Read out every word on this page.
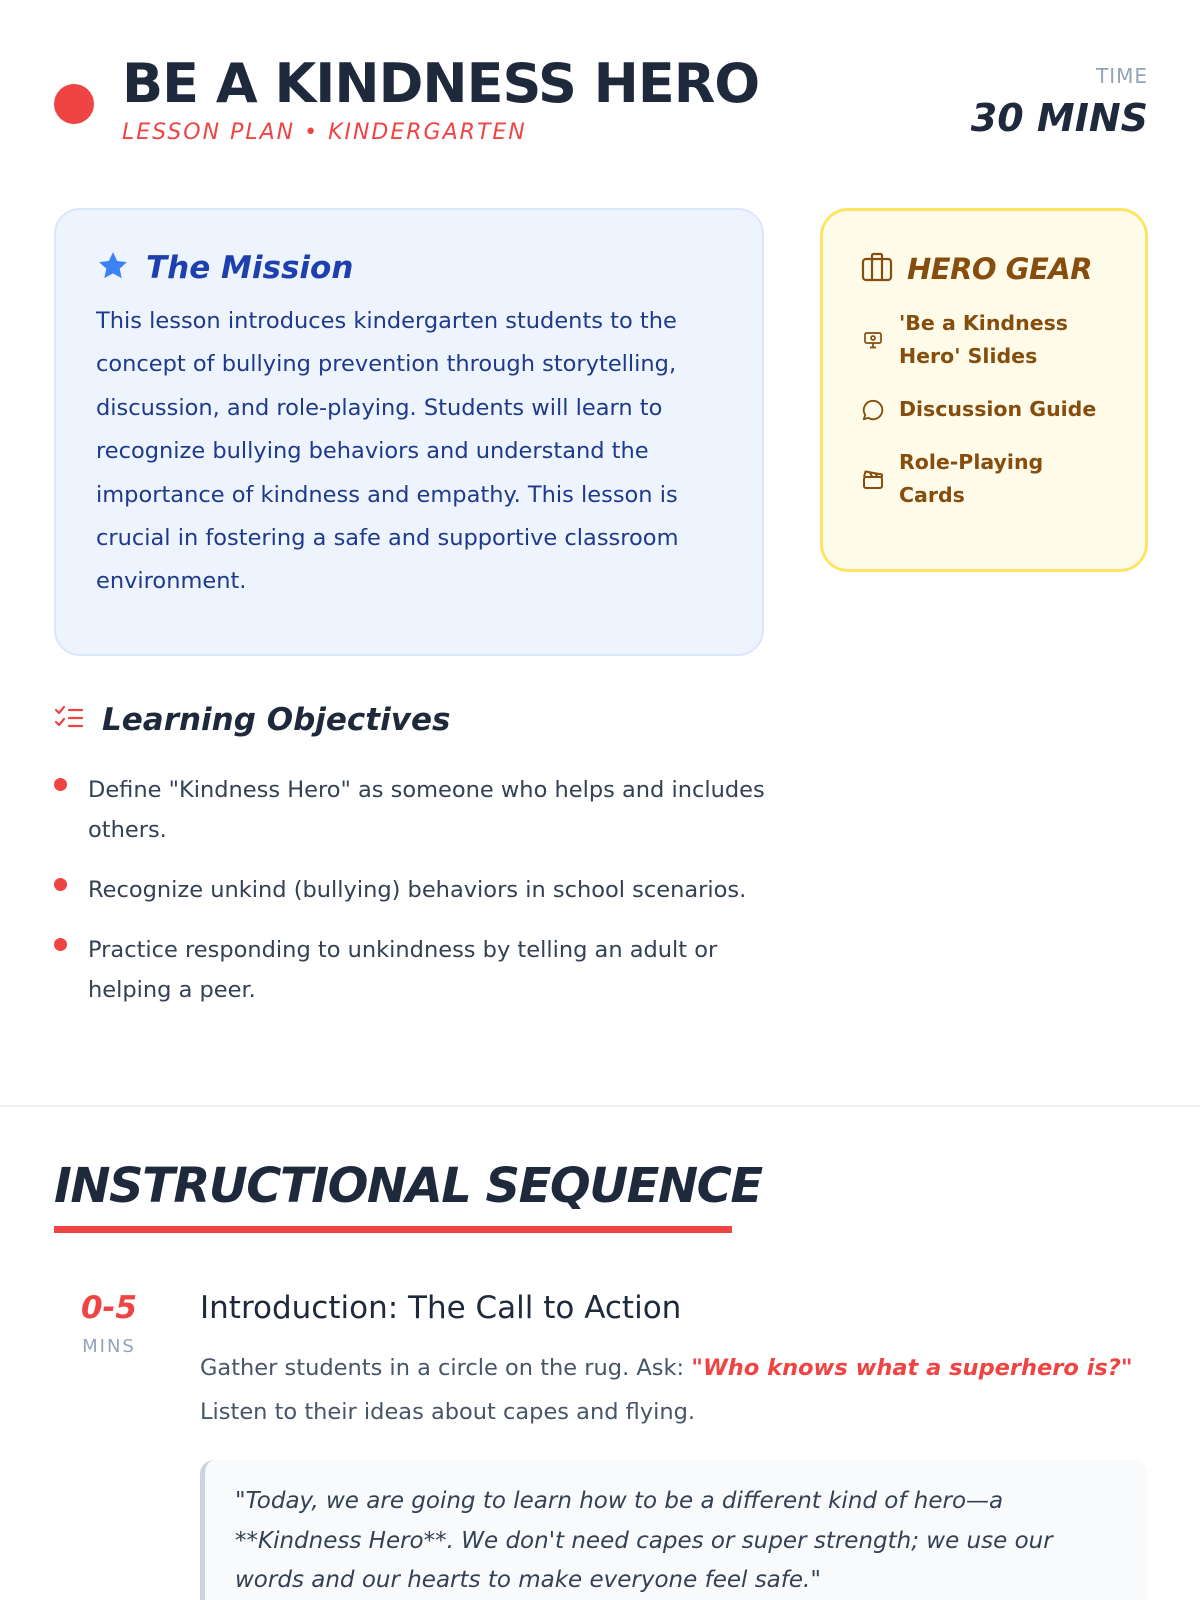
BE A KINDNESS HERO
LESSON PLAN • KINDERGARTEN
TIME
30 MINS
The Mission

This lesson introduces kindergarten students to the concept of bullying prevention through storytelling, discussion, and role-playing. Students will learn to recognize bullying behaviors and understand the importance of kindness and empathy. This lesson is crucial in fostering a safe and supportive classroom environment.

HERO GEAR
'Be a Kindness Hero' Slides
Discussion Guide
Role-Playing Cards
Learning Objectives
Define "Kindness Hero" as someone who helps and includes others.
Recognize unkind (bullying) behaviors in school scenarios.
Practice responding to unkindness by telling an adult or helping a peer.
INSTRUCTIONAL SEQUENCE
0-5
MINS
Introduction: The Call to Action

Gather students in a circle on the rug. Ask: "Who knows what a superhero is?" Listen to their ideas about capes and flying.

"Today, we are going to learn how to be a different kind of hero—a **Kindness Hero**. We don't need capes or super strength; we use our words and our hearts to make everyone feel safe."
